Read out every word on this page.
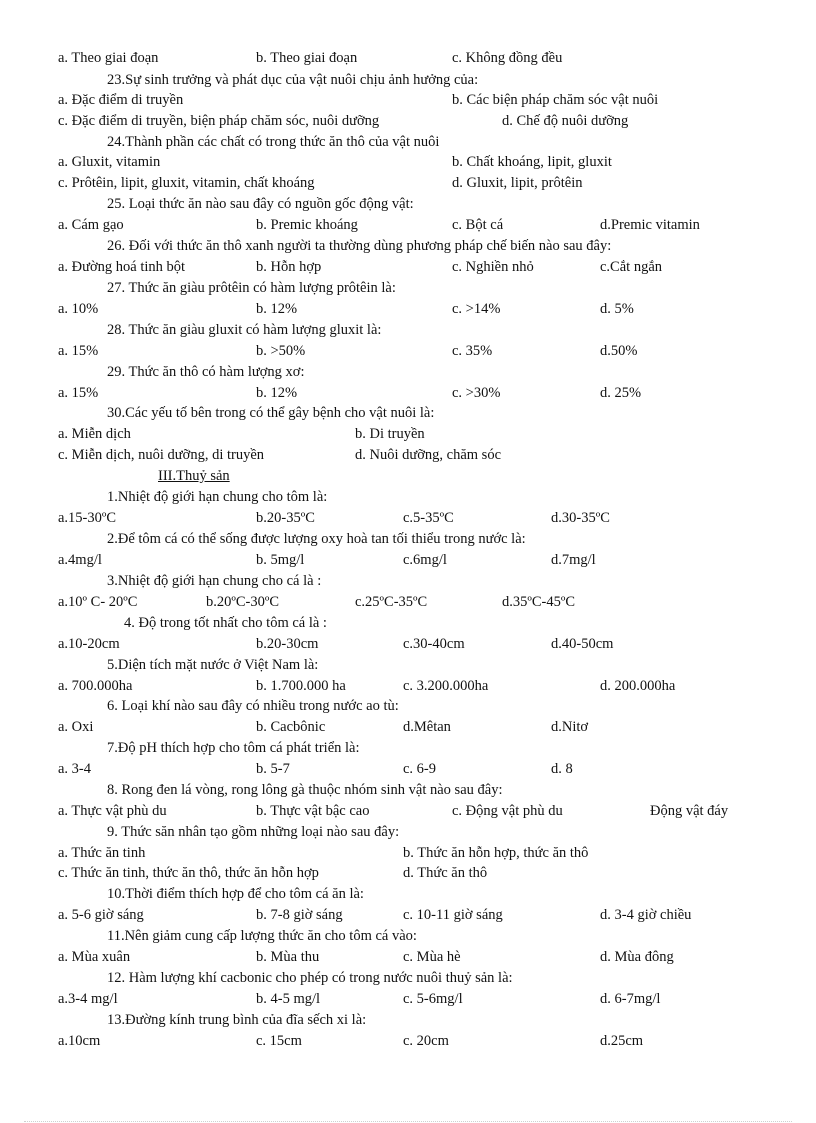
a. Theo giai đoạn	b. Theo giai đoạn	c. Không đồng đều
23.Sự sinh trưởng và phát dục của vật nuôi chịu ảnh hưởng của:
a. Đặc điểm di truyền	b. Các biện pháp chăm sóc vật nuôi
c. Đặc điểm di truyền, biện pháp chăm sóc, nuôi dưỡng	d. Chế độ nuôi dưỡng
24.Thành phần các chất có trong thức ăn thô của vật nuôi
a. Gluxit, vitamin	b. Chất khoáng, lipit, gluxit
c. Prôtêin, lipit, gluxit, vitamin, chất khoáng	d. Gluxit, lipit, prôtêin
25. Loại thức ăn nào sau đây có nguồn gốc động vật:
a. Cám gạo	b. Premic khoáng	c. Bột cá	d.Premic vitamin
26. Đối với thức ăn thô xanh người ta thường dùng phương pháp chế biến nào sau đây:
a. Đường hoá tinh bột	b. Hỗn hợp	c. Nghiền nhỏ	c.Cắt ngắn
27. Thức ăn giàu prôtêin có hàm lượng prôtêin là:
a. 10%	b. 12%	c. >14%	d. 5%
28. Thức ăn giàu gluxit có hàm lượng gluxit là:
a. 15%	b. >50%	c. 35%	d.50%
29. Thức ăn thô có hàm lượng xơ:
a. 15%	b. 12%	c. >30%	d. 25%
30.Các yếu tố bên trong có thể gây bệnh cho vật nuôi là:
a. Miễn dịch	b. Di truyền
c. Miễn dịch, nuôi dưỡng, di truyền	d. Nuôi dưỡng, chăm sóc
III.Thuỷ sản
1.Nhiệt độ giới hạn chung cho tôm là:
a.15-30ºC	b.20-35ºC	c.5-35ºC	d.30-35ºC
2.Để tôm cá có thể sống được lượng oxy hoà tan tối thiểu trong nước là:
a.4mg/l	b. 5mg/l	c.6mg/l	d.7mg/l
3.Nhiệt độ giới hạn chung cho cá là :
a.10º C- 20ºC	b.20ºC-30ºC	c.25ºC-35ºC	d.35ºC-45ºC
4. Độ trong tốt nhất cho tôm cá là :
a.10-20cm	b.20-30cm	c.30-40cm	d.40-50cm
5.Diện tích mặt nước ở Việt Nam là:
a. 700.000ha	b. 1.700.000 ha	c. 3.200.000ha	d. 200.000ha
6. Loại khí nào sau đây có nhiều trong nước ao tù:
a. Oxi	b. Cacbônic	d.Mêtan	d.Nitơ
7.Độ pH thích hợp cho tôm cá phát triển là:
a. 3-4	b. 5-7	c. 6-9	d. 8
8. Rong đen lá vòng, rong lông gà thuộc nhóm sinh vật nào sau đây:
a. Thực vật phù du	b. Thực vật bậc cao	c. Động vật phù du	Động vật đáy
9. Thức săn nhân tạo gồm những loại nào sau đây:
a. Thức ăn tinh	b. Thức ăn hỗn hợp, thức ăn thô
c. Thức ăn tinh, thức ăn thô, thức ăn hỗn hợp	d. Thức ăn thô
10.Thời điểm thích hợp để cho tôm cá ăn là:
a. 5-6 giờ sáng	b. 7-8 giờ sáng	c. 10-11 giờ sáng	d. 3-4 giờ chiều
11.Nên giảm cung cấp lượng thức ăn cho tôm cá vào:
a. Mùa xuân	b. Mùa thu	c. Mùa hè	d. Mùa đông
12. Hàm lượng khí cacbonic cho phép có trong nước nuôi thuỷ sản là:
a.3-4 mg/l	b. 4-5 mg/l	c. 5-6mg/l	d. 6-7mg/l
13.Đường kính trung bình của đĩa sếch xi là:
a.10cm	c. 15cm	c. 20cm	d.25cm
